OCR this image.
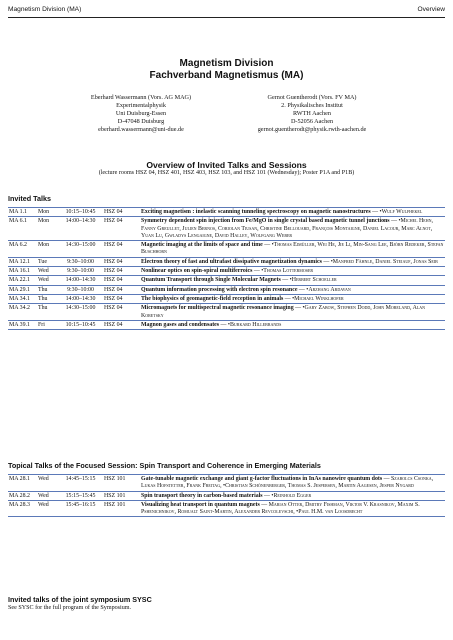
Magnetism Division (MA)	Overview
Magnetism Division
Fachverband Magnetismus (MA)
Eberhard Wassermann (Vors. AG MAG)
Experimentalphysik
Uni Duisburg-Essen
D-47048 Duisburg
eberhard.wassermann@uni-due.de
Gernot Guentherodt (Vors. FV MA)
2. Physikalisches Institut
RWTH Aachen
D-52056 Aachen
gernot.guentherodt@physik.rwth-aachen.de
Overview of Invited Talks and Sessions
(lecture rooms HSZ 04, HSZ 401, HSZ 403, HSZ 103, and HSZ 101 (Wednesday); Poster P1A and P1B)
Invited Talks
MA 1.1	Mon	10:15–10:45	HSZ 04	Exciting magnetism : inelastic scanning tunneling spectroscopy on magnetic nanostructures — •Wulf Wulfhekel
MA 6.1	Mon	14:00–14:30	HSZ 04	Symmetry dependent spin injection from Fe/MgO in single crystal based magnetic tunnel junctions — •Michel Hehn, Fanny Greullet, Julien Bernos, Coriolan Tiusan, Christine Bellouard, François Montaigne, Daniel Lacour, Marc Alnot, Yuan Lu, Gwladys Lengaigne, David Halley, Wolfgang Weber
MA 6.2	Mon	14:30–15:00	HSZ 04	Magnetic imaging at the limits of space and time — •Thomas Eimüller, Wei He, Jie Li, Min-Sang Lee, Björn Redeker, Stefan Buschhorn
MA 12.1	Tue	9:30–10:00	HSZ 04	Electron theory of fast and ultrafast dissipative magnetization dynamics — •Manfred Fähnle, Daniel Steiauf, Jonas Seib
MA 16.1	Wed	9:30–10:00	HSZ 04	Nonlinear optics on spin-spiral multiferroics — •Thomas Lottermoser
MA 22.1	Wed	14:00–14:30	HSZ 04	Quantum Transport through Single Molecular Magnets — •Herbert Schoeller
MA 29.1	Thu	9:30–10:00	HSZ 04	Quantum information processing with electron spin resonance — •Arzhang Ardavan
MA 34.1	Thu	14:00–14:30	HSZ 04	The biophysics of geomagnetic-field reception in animals — •Michael Winklhofer
MA 34.2	Thu	14:30–15:00	HSZ 04	Micromagnets for multispectral magnetic resonance imaging — •Gary Zabow, Stephen Dodd, John Moreland, Alan Koretsky
MA 39.1	Fri	10:15–10:45	HSZ 04	Magnon gases and condensates — •Burkard Hillebrands
Topical Talks of the Focused Session: Spin Transport and Coherence in Emerging Materials
MA 28.1	Wed	14:45–15:15	HSZ 101	Gate-tunable magnetic exchange and giant g-factor fluctuations in InAs nanowire quantum dots — Szabolcs Csonka, Lukas Hofstetter, Frank Freitag, •Christian Schönenberger, Thomas S. Jespersen, Martin Aagesen, Jesper Nygard
MA 28.2	Wed	15:15–15:45	HSZ 101	Spin transport theory in carbon-based materials — •Reinhold Egger
MA 28.3	Wed	15:45–16:15	HSZ 101	Visualizing heat transport in quantum magnets — Marian Otter, Dmitry Fishman, Viktor V. Krasnikov, Maxim S. Pshenichnikov, Romualt Saint-Martin, Alexander Revcolevschi, •Paul H.M. van Loosdrecht
Invited talks of the joint symposium SYSC
See SYSC for the full program of the Symposium.
